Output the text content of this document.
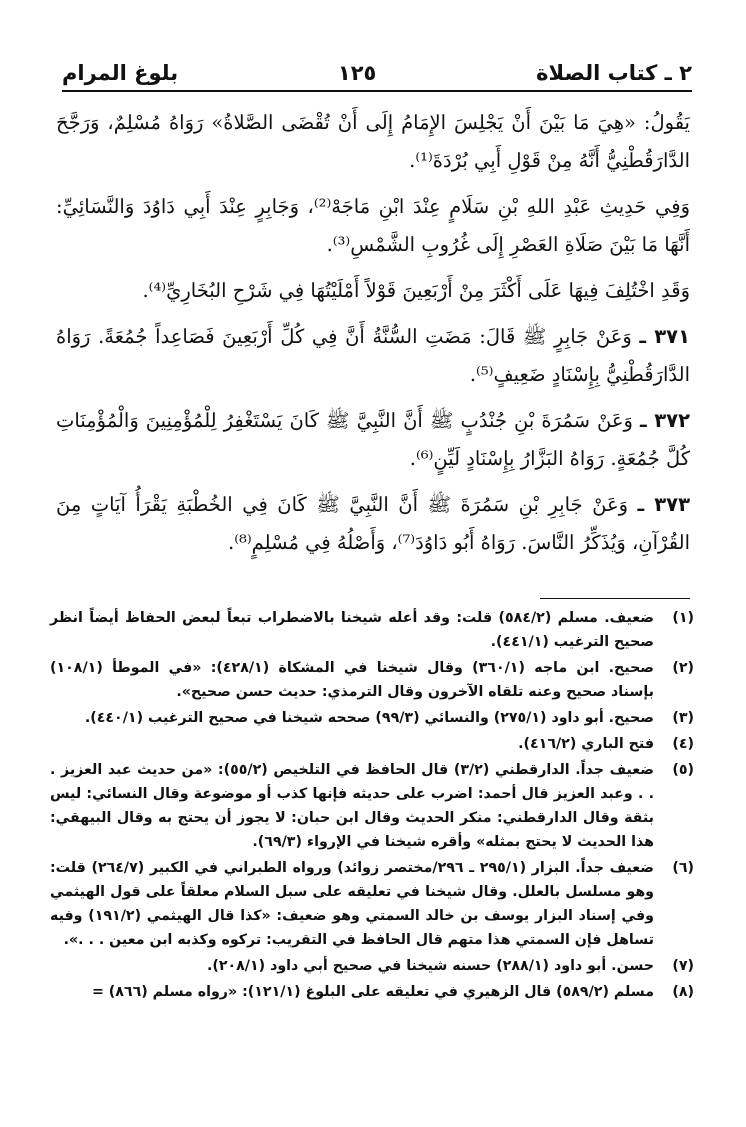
٢ ـ كتاب الصلاة
١٢٥
بلوغ المرام

يَقُولُ: «هِيَ مَا بَيْنَ أَنْ يَجْلِسَ الإِمَامُ إِلَى أَنْ تُقْضَى الصَّلاةُ» رَوَاهُ مُسْلِمٌ، وَرَجَّحَ الدَّارَقُطْنِيُّ أَنَّهُ مِنْ قَوْلِ أَبِي بُرْدَةَ⁽¹⁾.

وَفِي حَدِيثِ عَبْدِ اللهِ بْنِ سَلَامٍ عِنْدَ ابْنِ مَاجَهْ⁽²⁾، وَجَابِرٍ عِنْدَ أَبِي دَاوُدَ وَالنَّسَائِيِّ: أَنَّهَا مَا بَيْنَ صَلَاةِ العَصْرِ إِلَى غُرُوبِ الشَّمْسِ⁽³⁾.

وَقَدِ اخْتُلِفَ فِيهَا عَلَى أَكْثَرَ مِنْ أَرْبَعِينَ قَوْلاً أَمْلَيْتُهَا فِي شَرْحِ البُخَارِيِّ⁽⁴⁾.

٣٧١ ـ وَعَنْ جَابِرٍ ﷺ قَالَ: مَضَتِ السُّنَّةُ أَنَّ فِي كُلِّ أَرْبَعِينَ فَصَاعِداً جُمُعَةً. رَوَاهُ الدَّارَقُطْنِيُّ بِإِسْنَادٍ ضَعِيفٍ⁽⁵⁾.

٣٧٢ ـ وَعَنْ سَمُرَةَ بْنِ جُنْدُبٍ ﷺ أَنَّ النَّبِيَّ ﷺ كَانَ يَسْتَغْفِرُ لِلْمُؤْمِنِينَ وَالْمُؤْمِنَاتِ كُلَّ جُمُعَةٍ. رَوَاهُ البَزَّارُ بِإِسْنَادٍ لَيِّنٍ⁽⁶⁾.

٣٧٣ ـ وَعَنْ جَابِرِ بْنِ سَمُرَةَ ﷺ أَنَّ النَّبِيَّ ﷺ كَانَ فِي الخُطْبَةِ يَقْرَأُ آيَاتٍ مِنَ القُرْآنِ، وَيُذَكِّرُ النَّاسَ. رَوَاهُ أَبُو دَاوُدَ⁽⁷⁾، وَأَصْلُهُ فِي مُسْلِمٍ⁽⁸⁾.

(١)
ضعيف. مسلم (٥٨٤/٢) قلت: وقد أعله شيخنا بالاضطراب تبعاً لبعض الحفاظ أيضاً انظر صحيح الترغيب (٤٤١/١).
(٢)
صحيح. ابن ماجه (٣٦٠/١) وقال شيخنا في المشكاة (٤٢٨/١): «في الموطأ (١٠٨/١) بإسناد صحيح وعنه تلقاه الآخرون وقال الترمذي: حديث حسن صحيح».
(٣)
صحيح. أبو داود (٢٧٥/١) والنسائي (٩٩/٣) صححه شيخنا في صحيح الترغيب (٤٤٠/١).
(٤)
فتح الباري (٤١٦/٢).
(٥)
ضعيف جداً. الدارقطني (٣/٢) قال الحافظ في التلخيص (٥٥/٢): «من حديث عبد العزيز . . . وعبد العزيز قال أحمد: اضرب على حديثه فإنها كذب أو موضوعة وقال النسائي: ليس بثقة وقال الدارقطني: منكر الحديث وقال ابن حبان: لا يجوز أن يحتج به وقال البيهقي: هذا الحديث لا يحتج بمثله» وأقره شيخنا في الإرواء (٦٩/٣).
(٦)
ضعيف جداً. البزار (٢٩٥/١ ـ ٢٩٦/مختصر زوائد) ورواه الطبراني في الكبير (٢٦٤/٧) قلت: وهو مسلسل بالعلل. وقال شيخنا في تعليقه على سبل السلام معلقاً على قول الهيثمي وفي إسناد البزار يوسف بن خالد السمتي وهو ضعيف: «كذا قال الهيثمي (١٩١/٢) وفيه تساهل فإن السمتي هذا متهم قال الحافظ في التقريب: تركوه وكذبه ابن معين . . .».
(٧)
حسن. أبو داود (٢٨٨/١) حسنه شيخنا في صحيح أبي داود (٢٠٨/١).
(٨)
مسلم (٥٨٩/٢) قال الزهيري في تعليقه على البلوغ (١٢١/١): «رواه مسلم (٨٦٦) =
